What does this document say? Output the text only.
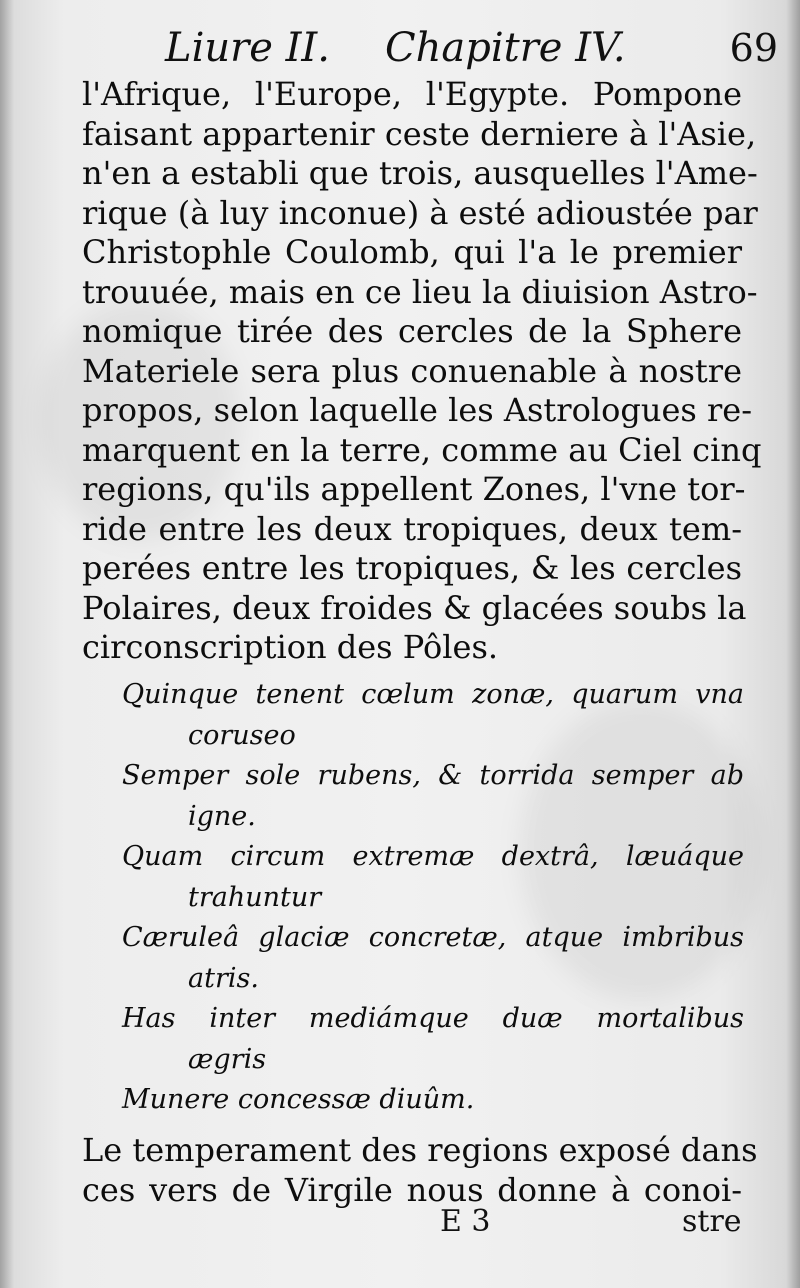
Liure II. Chapitre IV.	69
l'Afrique, l'Europe, l'Egypte. Pompone
faisant appartenir ceste derniere à l'Asie,
n'en a establi que trois, ausquelles l'Ame-
rique (à luy inconue) à esté adioustée par
Christophle Coulomb, qui l'a le premier
trouuée, mais en ce lieu la diuision Astro-
nomique tirée des cercles de la Sphere
Materiele sera plus conuenable à nostre
propos, selon laquelle les Astrologues re-
marquent en la terre, comme au Ciel cinq
regions, qu'ils appellent Zones, l'vne tor-
ride entre les deux tropiques, deux tem-
perées entre les tropiques, & les cercles
Polaires, deux froides & glacées soubs la
circonscription des Pôles.
Quinque tenent cœlum zonæ, quarum vna
coruseo
Semper sole rubens, & torrida semper ab
igne.
Quam circum extremæ dextrâ, læuáque
trahuntur
Cæruleâ glaciæ concretæ, atque imbribus
atris.
Has inter mediámque duæ mortalibus
ægris
Munere concessæ diuûm.
Le temperament des regions exposé dans
ces vers de Virgile nous donne à conoi-
E 3	stre
